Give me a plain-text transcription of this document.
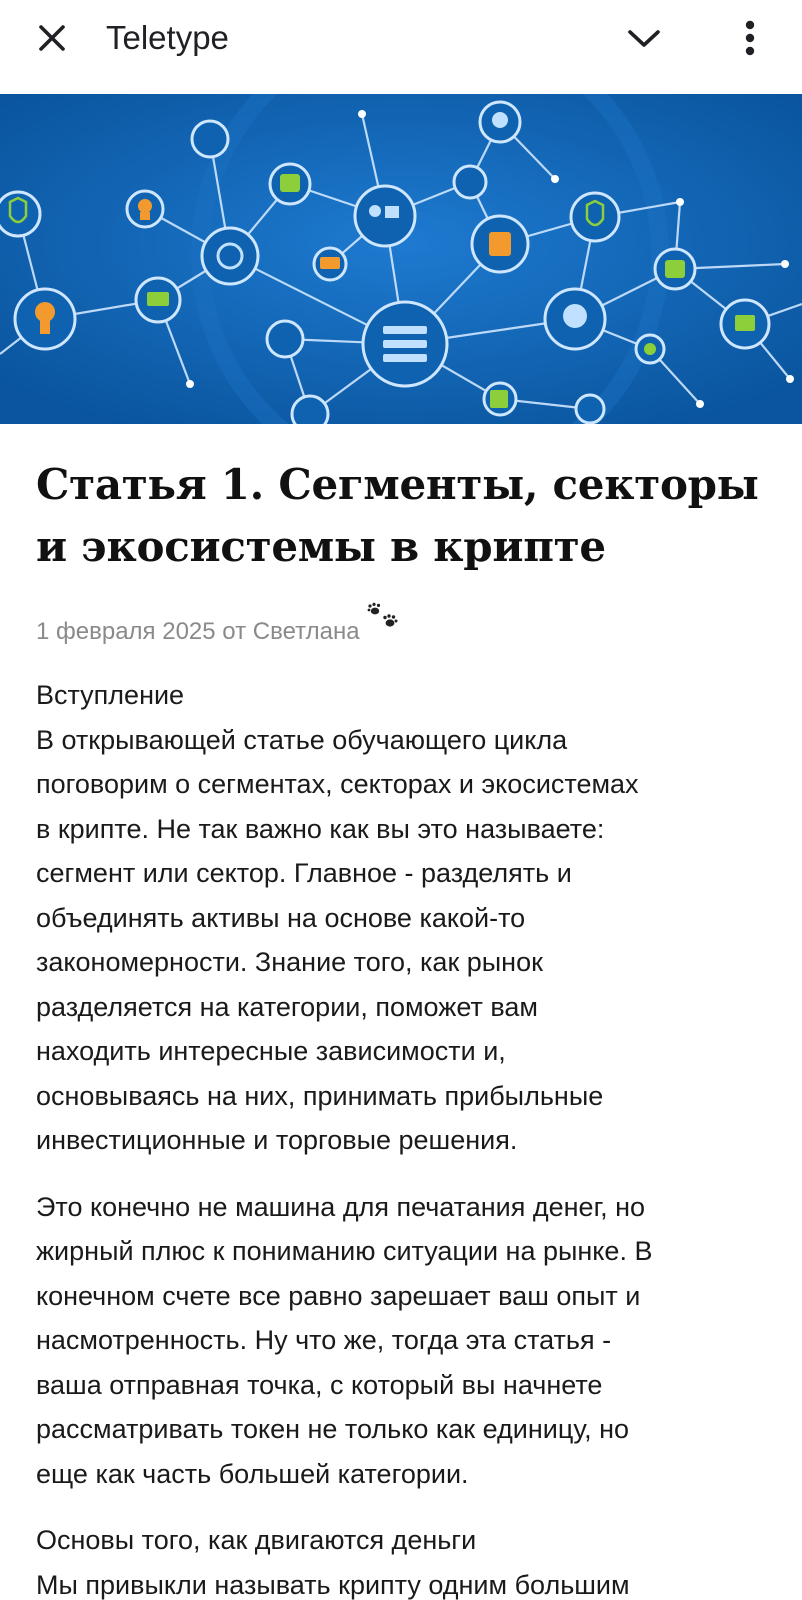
Teletype
Статья 1. Сегменты, секторы
и экосистемы в крипте
1 февраля 2025 от Светлана

Вступление
В открывающей статье обучающего цикла
поговорим о сегментах, секторах и экосистемах
в крипте. Не так важно как вы это называете:
сегмент или сектор. Главное - разделять и
объединять активы на основе какой-то
закономерности. Знание того, как рынок
разделяется на категории, поможет вам
находить интересные зависимости и,
основываясь на них, принимать прибыльные
инвестиционные и торговые решения.

Это конечно не машина для печатания денег, но
жирный плюс к пониманию ситуации на рынке. В
конечном счете все равно зарешает ваш опыт и
насмотренность. Ну что же, тогда эта статья -
ваша отправная точка, с который вы начнете
рассматривать токен не только как единицу, но
еще как часть большей категории.

Основы того, как двигаются деньги
Мы привыкли называть крипту одним большим
